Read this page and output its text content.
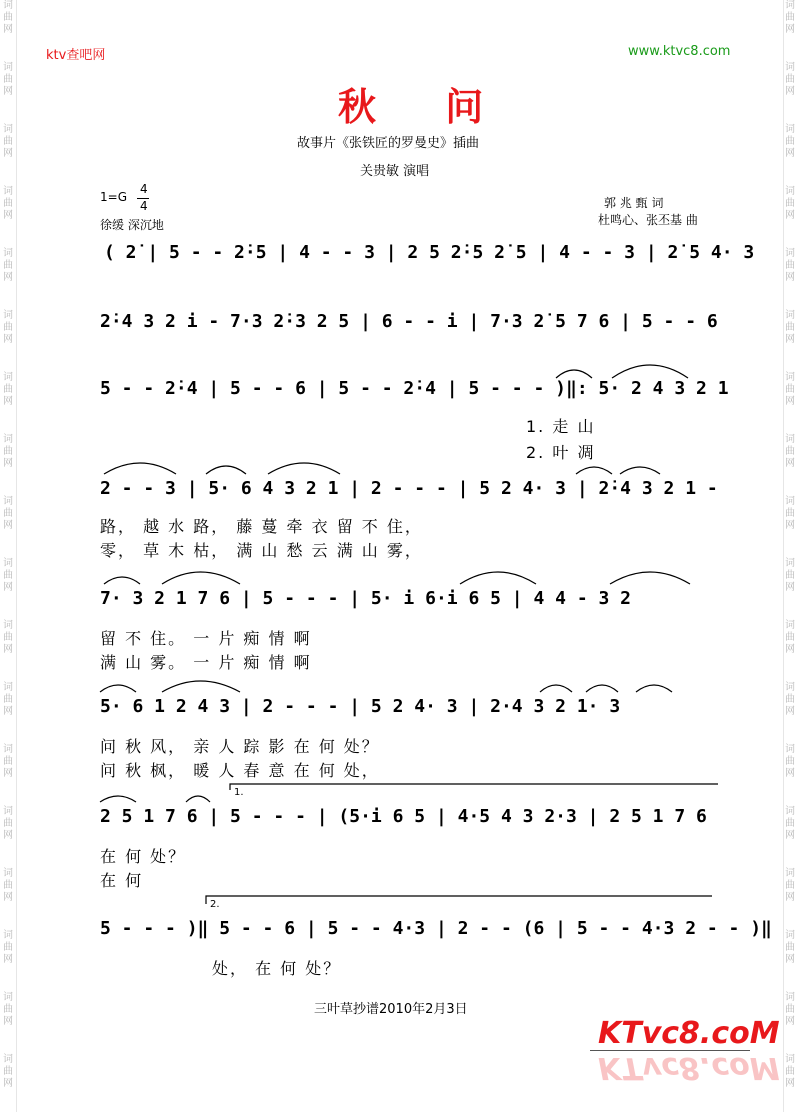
词
曲
网
词
曲
网
词
曲
网
词
曲
网
词
曲
网
词
曲
网
词
曲
网
词
曲
网
词
曲
网
词
曲
网
词
曲
网
词
曲
网
词
曲
网
词
曲
网
词
曲
网
词
曲
网
词
曲
网
词
曲
网
词
曲
网
词
曲
网
词
曲
网
词
曲
网
词
曲
网
词
曲
网
词
曲
网
词
曲
网
词
曲
网
词
曲
网
词
曲
网
词
曲
网
词
曲
网
词
曲
网
词
曲
网
词
曲
网
词
曲
网
词
曲
网
ktv查吧网	www.ktvc8.com
秋 问
故事片《张铁匠的罗曼史》插曲
关贵敏 演唱
1=G
4
4
徐缓 深沉地
郭 兆 甄 词
杜鸣心、张丕基 曲
( 2̇ | 5 - - 2̇·5 | 4 - - 3 | 2 5 2̇·5 2̇ 5 | 4 - - 3 | 2̇ 5 4· 3
2̇·4 3 2 i - 7·3 2̇·3 2 5 | 6 - - i | 7·3 2̇ 5 7 6 | 5 - - 6
5 - - 2̇·4 | 5 - - 6 | 5 - - 2̇·4 | 5 - - - )‖: 5· 2 4 3 2 1
1. 走 山
2. 叶 凋
2 - - 3 | 5· 6 4 3 2 1 | 2 - - - | 5 2 4· 3 | 2̇·4 3 2 1 -
路， 越 水 路， 藤 蔓 牵 衣 留 不 住，
零， 草 木 枯， 满 山 愁 云 满 山 雾，
7· 3 2 1 7 6 | 5 - - - | 5· i 6·i 6 5 | 4 4 - 3 2
留 不 住。 一 片 痴 情 啊
满 山 雾。 一 片 痴 情 啊
5· 6 1 2 4 3 | 2 - - - | 5 2 4· 3 | 2·4 3 2 1· 3
问 秋 风， 亲 人 踪 影 在 何 处？
问 秋 枫， 暖 人 春 意 在 何 处，
1.
2 5 1 7 6 | 5 - - - | (5·i 6 5 | 4·5 4 3 2·3 | 2 5 1 7 6
在 何 处？
在 何
2.
5 - - - )‖ 5 - - 6 | 5 - - 4·3 | 2 - - (6 | 5 - - 4·3 2 - - )‖
处， 在 何 处？
三叶草抄谱2010年2月3日
KTvc8.coM
KTvc8.coM
